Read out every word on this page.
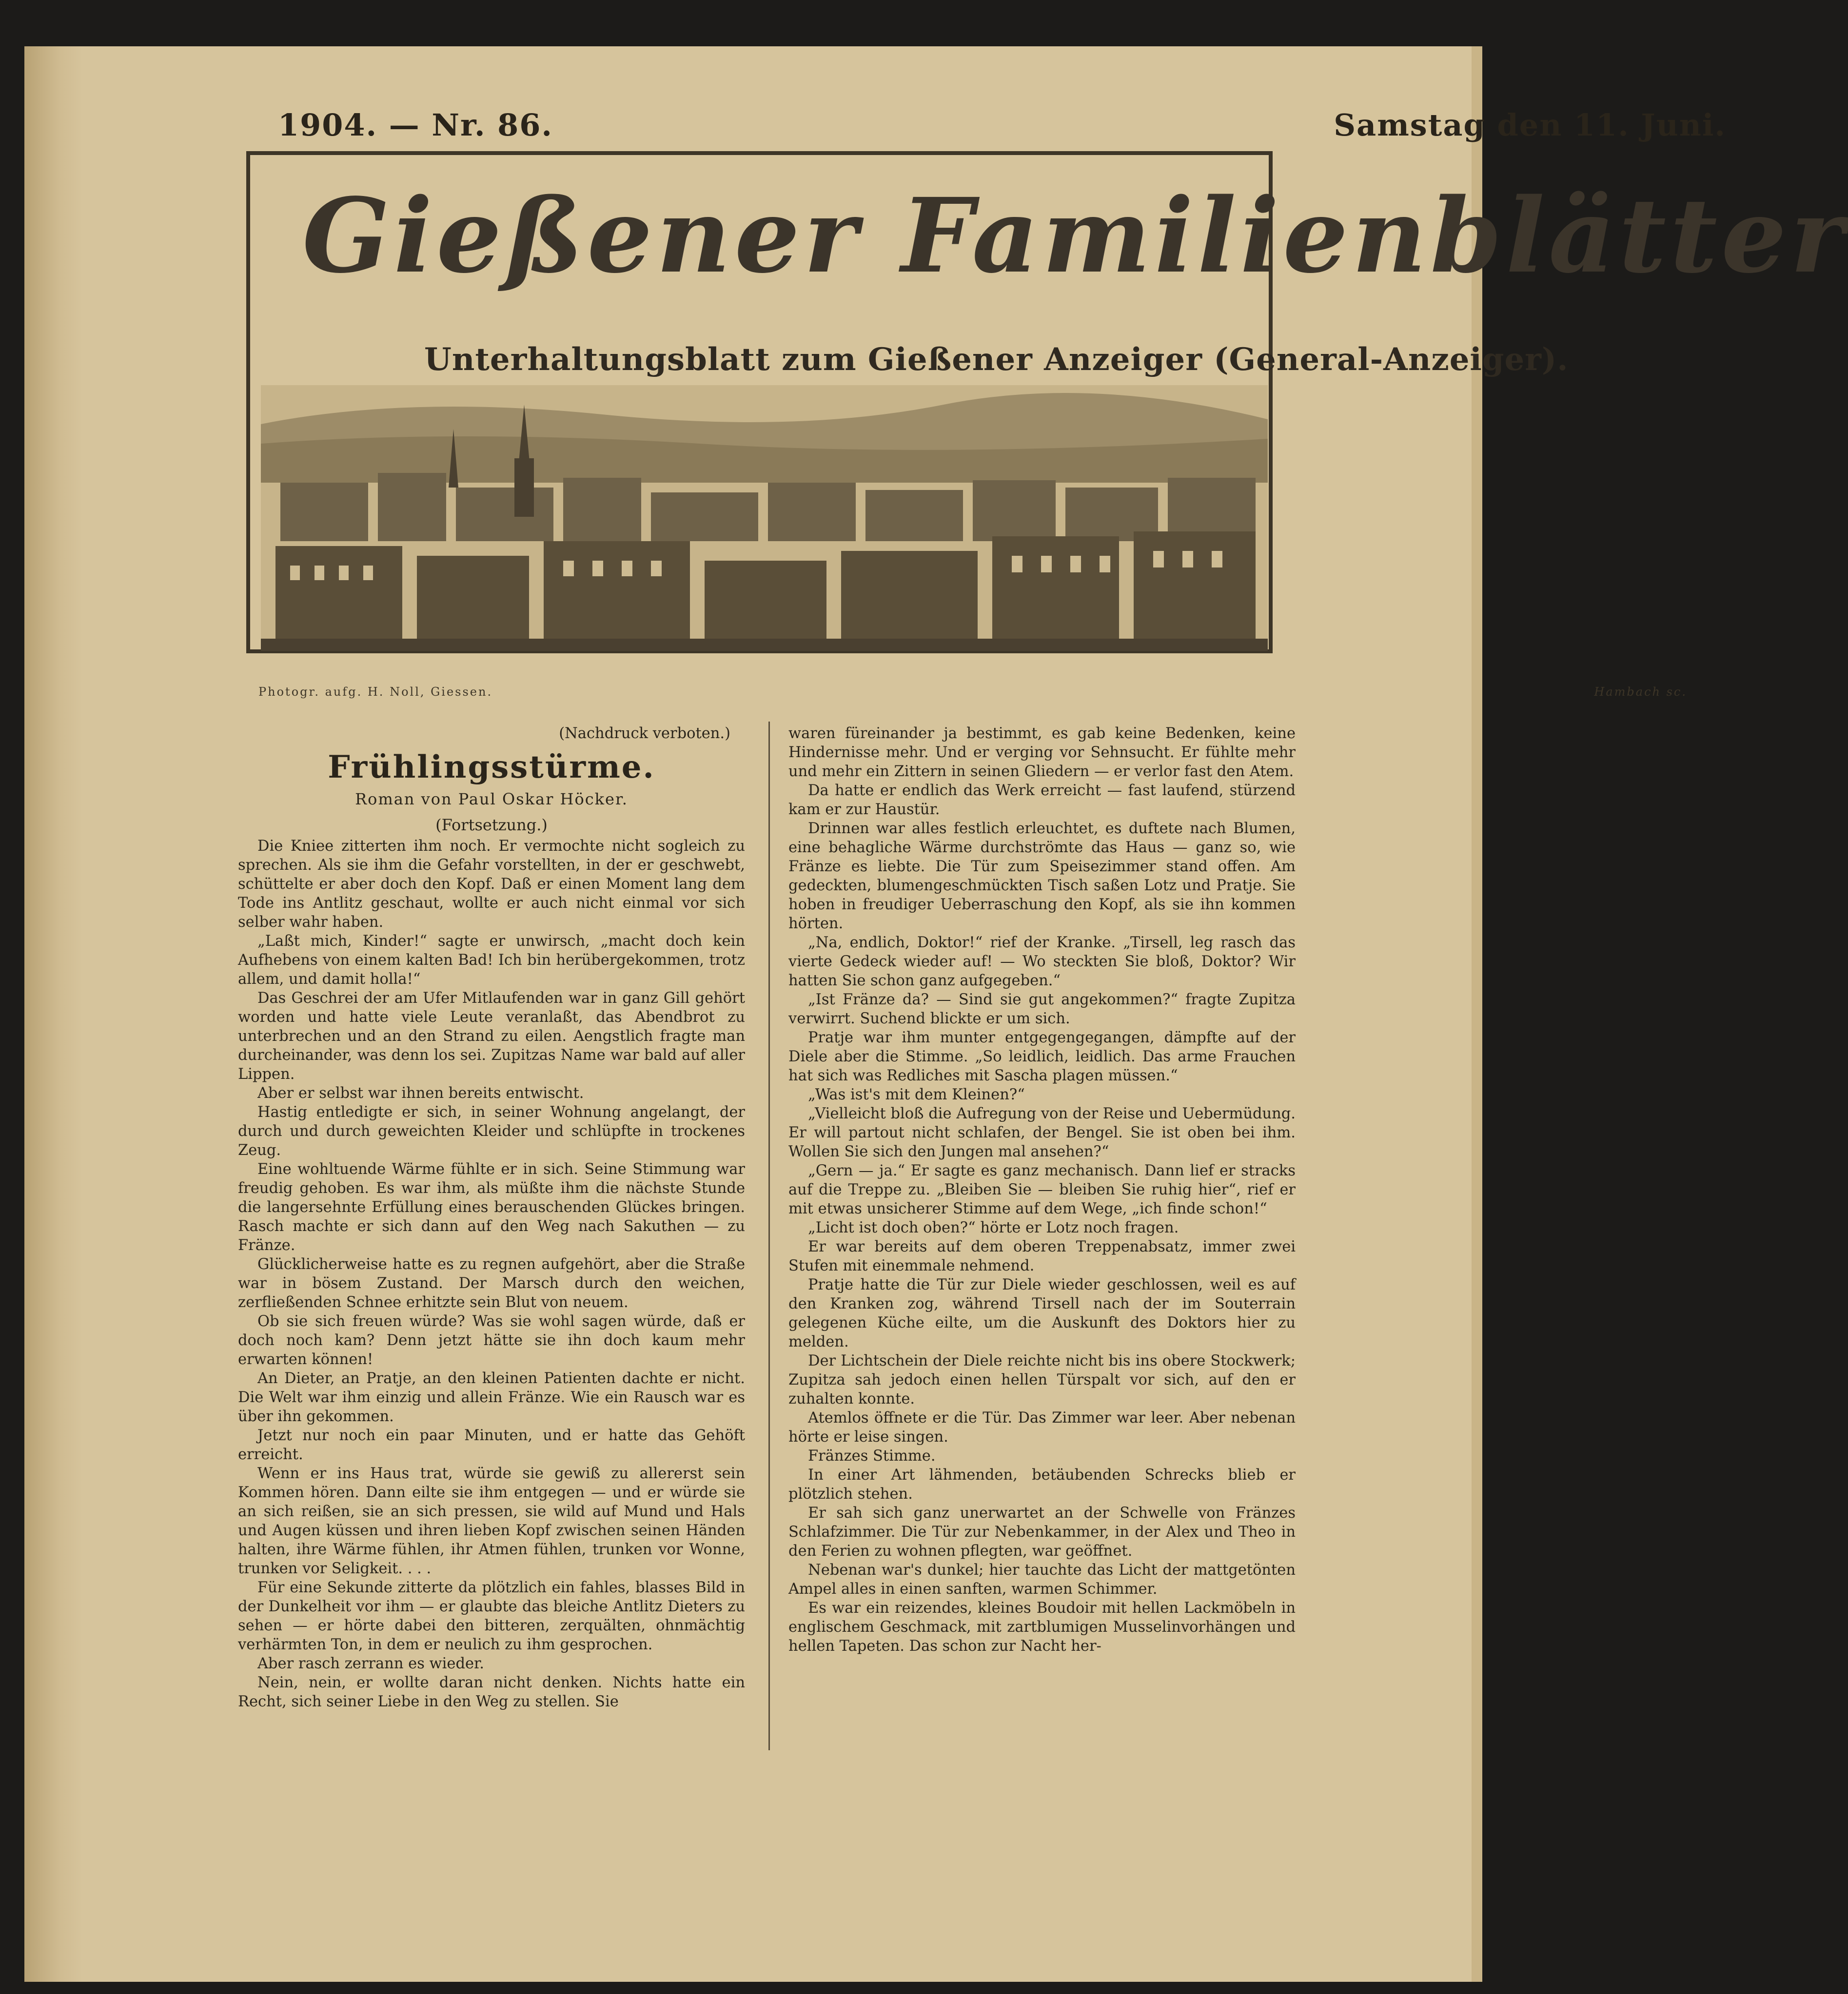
1904. — Nr. 86.	Samstag den 11. Juni.
Gießener Familienblätter
Unterhaltungsblatt zum Gießener Anzeiger (General-Anzeiger).
Photogr. aufg. H. Noll, Giessen.	Hambach sc.
(Nachdruck verboten.)
Frühlingsstürme.
Roman von Paul Oskar Höcker.
(Fortsetzung.)

Die Kniee zitterten ihm noch. Er vermochte nicht sogleich zu sprechen. Als sie ihm die Gefahr vorstellten, in der er geschwebt, schüttelte er aber doch den Kopf. Daß er einen Moment lang dem Tode ins Antlitz geschaut, wollte er auch nicht einmal vor sich selber wahr haben.

„Laßt mich, Kinder!“ sagte er unwirsch, „macht doch kein Aufhebens von einem kalten Bad! Ich bin herübergekommen, trotz allem, und damit holla!“

Das Geschrei der am Ufer Mitlaufenden war in ganz Gill gehört worden und hatte viele Leute veranlaßt, das Abendbrot zu unterbrechen und an den Strand zu eilen. Aengstlich fragte man durcheinander, was denn los sei. Zupitzas Name war bald auf aller Lippen.

Aber er selbst war ihnen bereits entwischt.

Hastig entledigte er sich, in seiner Wohnung angelangt, der durch und durch geweichten Kleider und schlüpfte in trockenes Zeug.

Eine wohltuende Wärme fühlte er in sich. Seine Stimmung war freudig gehoben. Es war ihm, als müßte ihm die nächste Stunde die langersehnte Erfüllung eines berauschenden Glückes bringen. Rasch machte er sich dann auf den Weg nach Sakuthen — zu Fränze.

Glücklicherweise hatte es zu regnen aufgehört, aber die Straße war in bösem Zustand. Der Marsch durch den weichen, zerfließenden Schnee erhitzte sein Blut von neuem.

Ob sie sich freuen würde? Was sie wohl sagen würde, daß er doch noch kam? Denn jetzt hätte sie ihn doch kaum mehr erwarten können!

An Dieter, an Pratje, an den kleinen Patienten dachte er nicht. Die Welt war ihm einzig und allein Fränze. Wie ein Rausch war es über ihn gekommen.

Jetzt nur noch ein paar Minuten, und er hatte das Gehöft erreicht.

Wenn er ins Haus trat, würde sie gewiß zu allererst sein Kommen hören. Dann eilte sie ihm entgegen — und er würde sie an sich reißen, sie an sich pressen, sie wild auf Mund und Hals und Augen küssen und ihren lieben Kopf zwischen seinen Händen halten, ihre Wärme fühlen, ihr Atmen fühlen, trunken vor Wonne, trunken vor Seligkeit. . . .

Für eine Sekunde zitterte da plötzlich ein fahles, blasses Bild in der Dunkelheit vor ihm — er glaubte das bleiche Antlitz Dieters zu sehen — er hörte dabei den bitteren, zerquälten, ohnmächtig verhärmten Ton, in dem er neulich zu ihm gesprochen.

Aber rasch zerrann es wieder.

Nein, nein, er wollte daran nicht denken. Nichts hatte ein Recht, sich seiner Liebe in den Weg zu stellen. Sie

waren füreinander ja bestimmt, es gab keine Bedenken, keine Hindernisse mehr. Und er verging vor Sehnsucht. Er fühlte mehr und mehr ein Zittern in seinen Gliedern — er verlor fast den Atem.

Da hatte er endlich das Werk erreicht — fast laufend, stürzend kam er zur Haustür.

Drinnen war alles festlich erleuchtet, es duftete nach Blumen, eine behagliche Wärme durchströmte das Haus — ganz so, wie Fränze es liebte. Die Tür zum Speisezimmer stand offen. Am gedeckten, blumengeschmückten Tisch saßen Lotz und Pratje. Sie hoben in freudiger Ueberraschung den Kopf, als sie ihn kommen hörten.

„Na, endlich, Doktor!“ rief der Kranke. „Tirsell, leg rasch das vierte Gedeck wieder auf! — Wo steckten Sie bloß, Doktor? Wir hatten Sie schon ganz aufgegeben.“

„Ist Fränze da? — Sind sie gut angekommen?“ fragte Zupitza verwirrt. Suchend blickte er um sich.

Pratje war ihm munter entgegengegangen, dämpfte auf der Diele aber die Stimme. „So leidlich, leidlich. Das arme Frauchen hat sich was Redliches mit Sascha plagen müssen.“

„Was ist's mit dem Kleinen?“

„Vielleicht bloß die Aufregung von der Reise und Uebermüdung. Er will partout nicht schlafen, der Bengel. Sie ist oben bei ihm. Wollen Sie sich den Jungen mal ansehen?“

„Gern — ja.“ Er sagte es ganz mechanisch. Dann lief er stracks auf die Treppe zu. „Bleiben Sie — bleiben Sie ruhig hier“, rief er mit etwas unsicherer Stimme auf dem Wege, „ich finde schon!“

„Licht ist doch oben?“ hörte er Lotz noch fragen.

Er war bereits auf dem oberen Treppenabsatz, immer zwei Stufen mit einemmale nehmend.

Pratje hatte die Tür zur Diele wieder geschlossen, weil es auf den Kranken zog, während Tirsell nach der im Souterrain gelegenen Küche eilte, um die Auskunft des Doktors hier zu melden.

Der Lichtschein der Diele reichte nicht bis ins obere Stockwerk; Zupitza sah jedoch einen hellen Türspalt vor sich, auf den er zuhalten konnte.

Atemlos öffnete er die Tür. Das Zimmer war leer. Aber nebenan hörte er leise singen.

Fränzes Stimme.

In einer Art lähmenden, betäubenden Schrecks blieb er plötzlich stehen.

Er sah sich ganz unerwartet an der Schwelle von Fränzes Schlafzimmer. Die Tür zur Nebenkammer, in der Alex und Theo in den Ferien zu wohnen pflegten, war geöffnet.

Nebenan war's dunkel; hier tauchte das Licht der mattgetönten Ampel alles in einen sanften, warmen Schimmer.

Es war ein reizendes, kleines Boudoir mit hellen Lackmöbeln in englischem Geschmack, mit zartblumigen Musselinvorhängen und hellen Tapeten. Das schon zur Nacht her-
